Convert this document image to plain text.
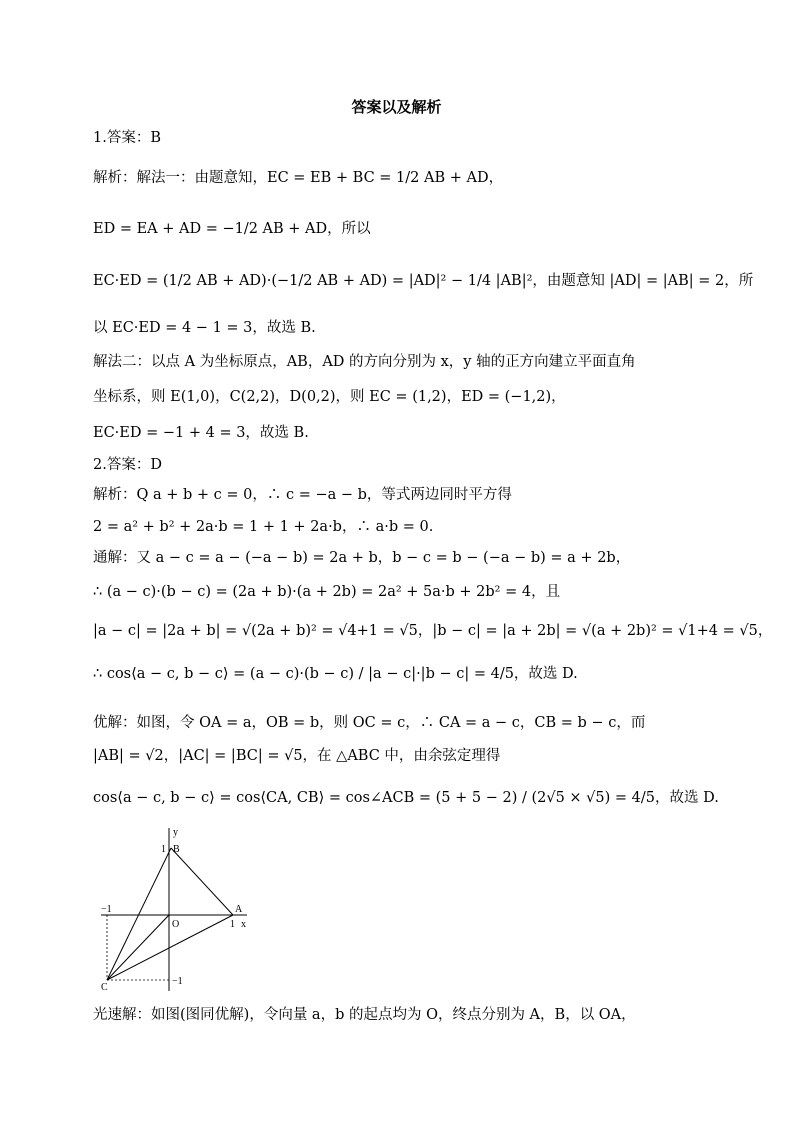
答案以及解析
1.答案：B
解析：解法一：由题意知，EC = EB + BC = 1/2 AB + AD，
ED = EA + AD = −1/2 AB + AD，所以
EC·ED = (1/2 AB + AD)·(−1/2 AB + AD) = |AD|² − 1/4 |AB|²，由题意知 |AD| = |AB| = 2，所
以 EC·ED = 4 − 1 = 3，故选 B.
解法二：以点 A 为坐标原点，AB，AD 的方向分别为 x，y 轴的正方向建立平面直角
坐标系，则 E(1,0)，C(2,2)，D(0,2)，则 EC = (1,2)，ED = (−1,2)，
EC·ED = −1 + 4 = 3，故选 B.
2.答案：D
解析：Q a + b + c = 0，∴ c = −a − b，等式两边同时平方得
2 = a² + b² + 2a·b = 1 + 1 + 2a·b，∴ a·b = 0.
通解：又 a − c = a − (−a − b) = 2a + b，b − c = b − (−a − b) = a + 2b，
∴ (a − c)·(b − c) = (2a + b)·(a + 2b) = 2a² + 5a·b + 2b² = 4，且
|a − c| = |2a + b| = √(2a + b)² = √4+1 = √5，|b − c| = |a + 2b| = √(a + 2b)² = √1+4 = √5，
∴ cos⟨a − c, b − c⟩ = (a − c)·(b − c) / |a − c|·|b − c| = 4/5，故选 D.
优解：如图，令 OA = a，OB = b，则 OC = c，∴ CA = a − c，CB = b − c，而
|AB| = √2，|AC| = |BC| = √5，在 △ABC 中，由余弦定理得
cos⟨a − c, b − c⟩ = cos⟨CA, CB⟩ = cos∠ACB = (5 + 5 − 2) / (2√5 × √5) = 4/5，故选 D.
光速解：如图(图同优解)，令向量 a，b 的起点均为 O，终点分别为 A，B，以 OA，
y
B
1
−1
O
A
1 x
C
−1
